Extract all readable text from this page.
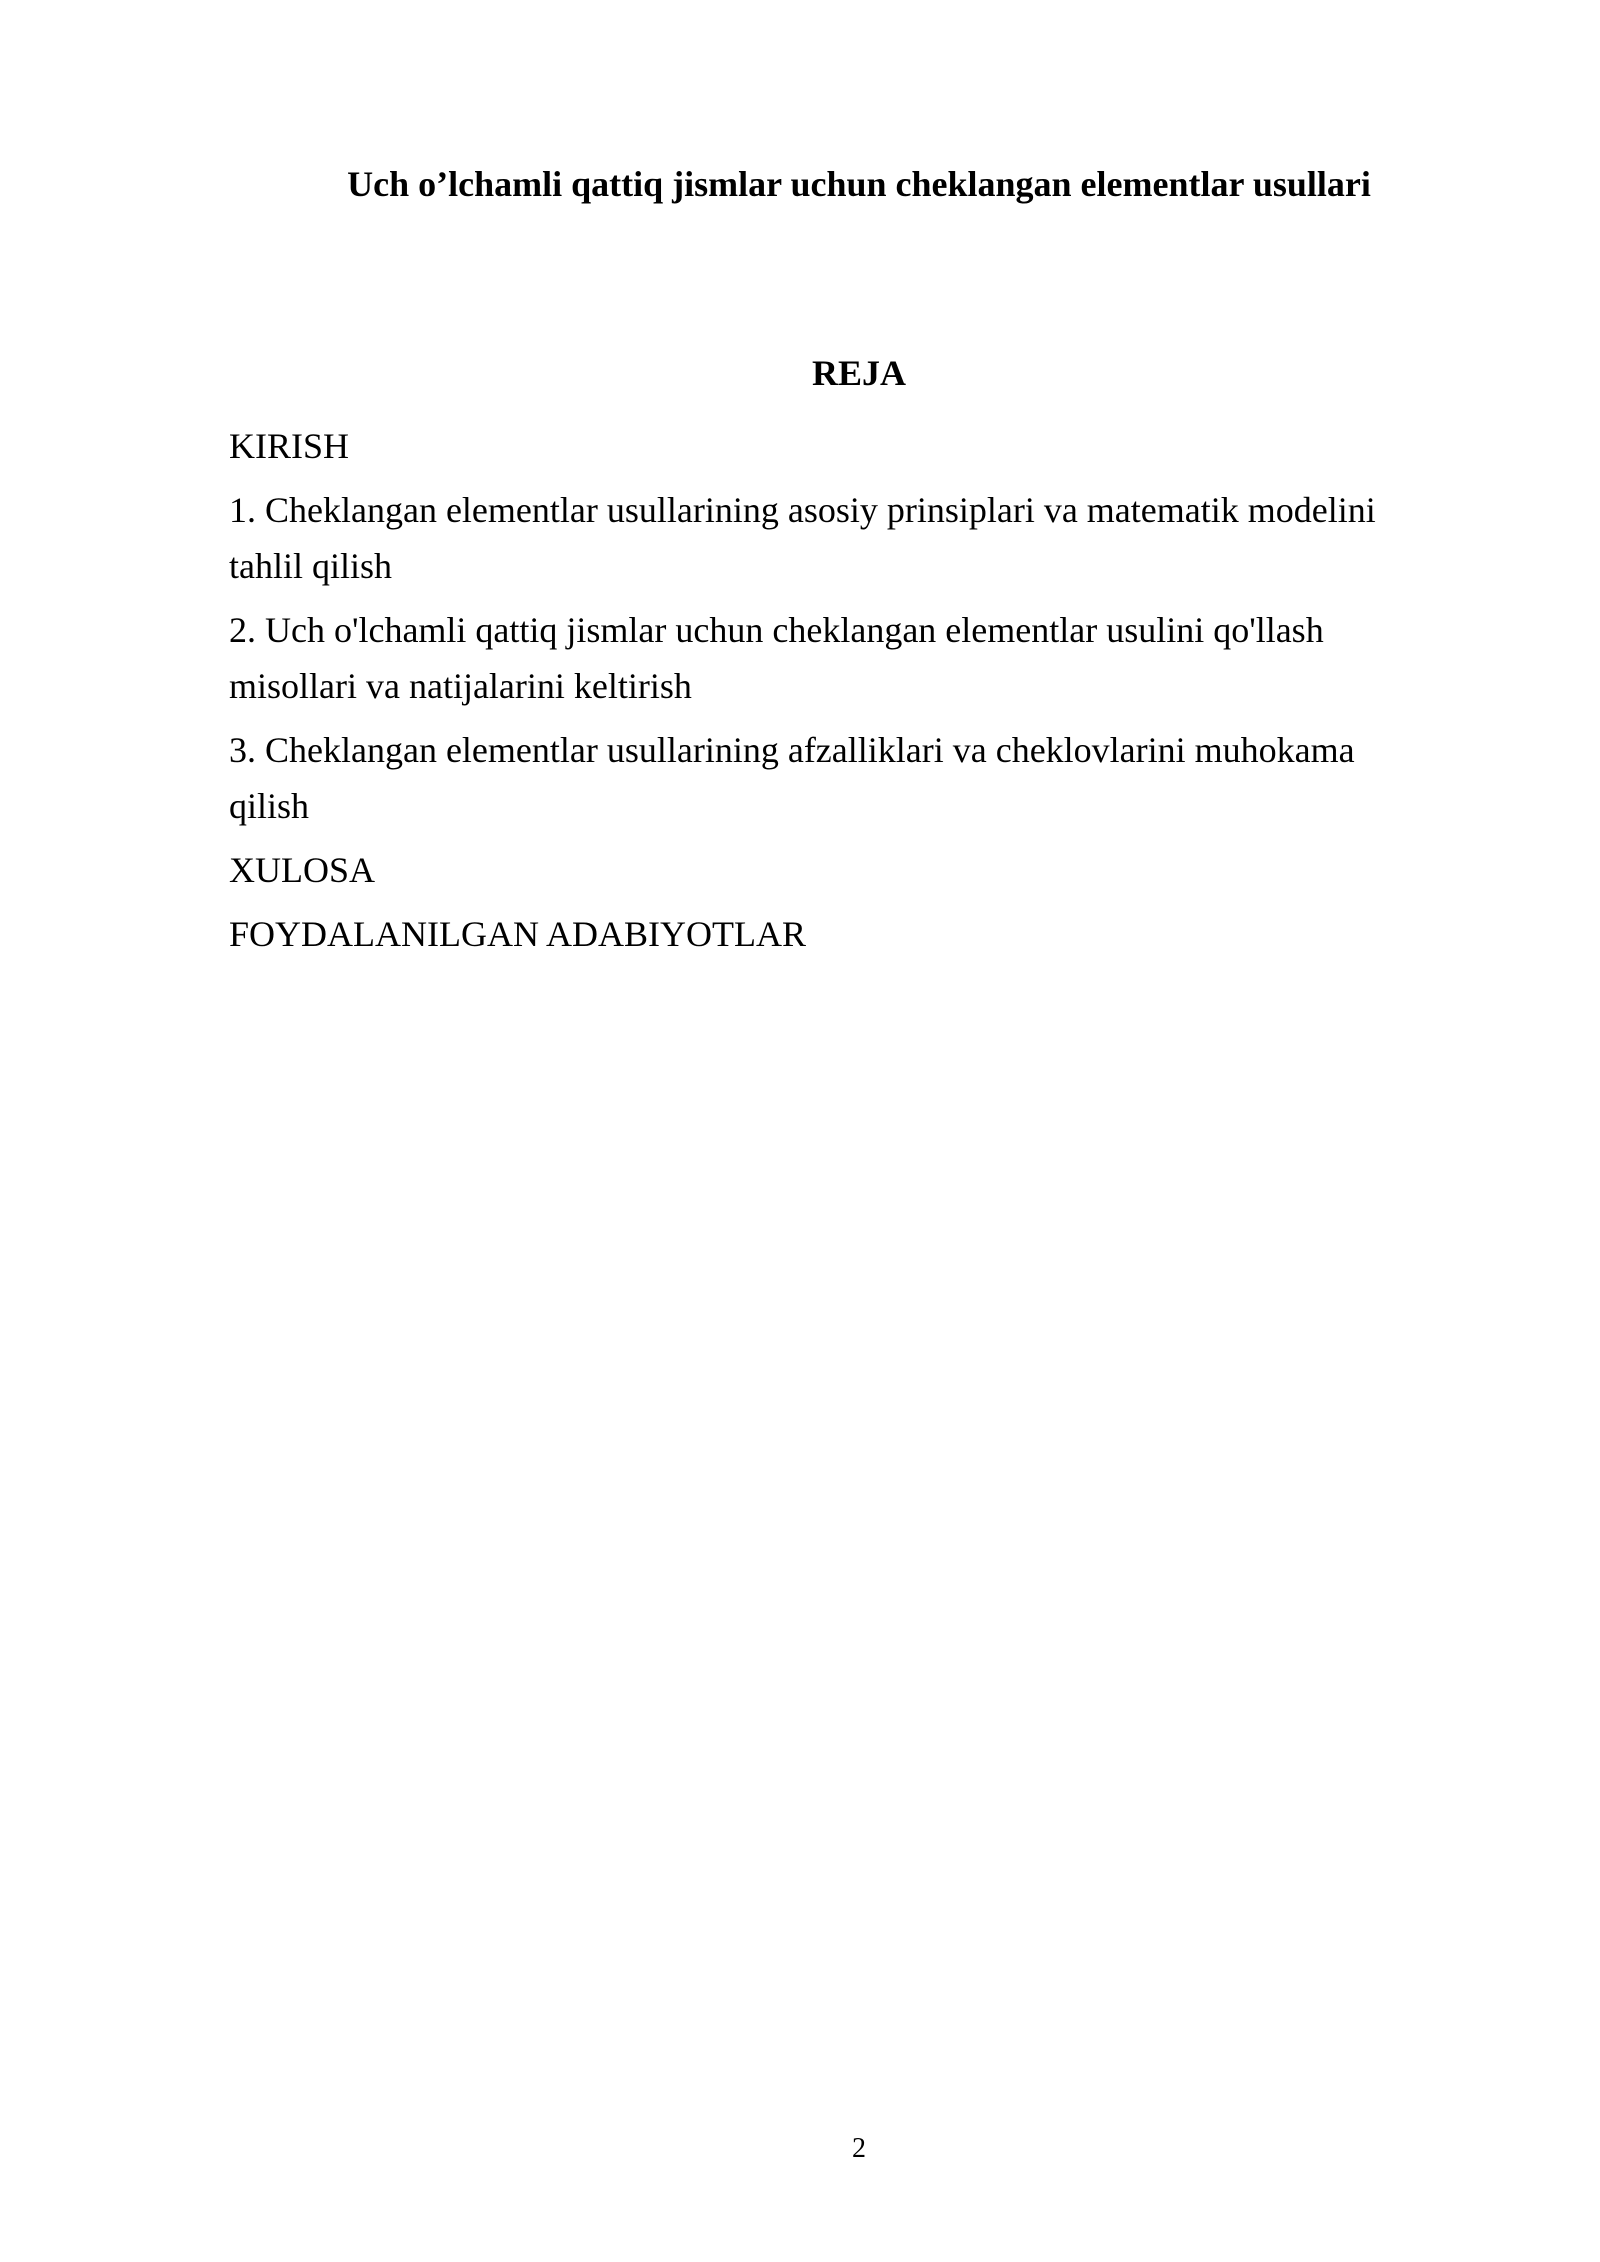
Uch o’lchamli qattiq jismlar uchun cheklangan elementlar usullari
REJA
KIRISH
1. Cheklangan elementlar usullarining asosiy prinsiplari va matematik modelini tahlil qilish
2. Uch o'lchamli qattiq jismlar uchun cheklangan elementlar usulini qo'llash misollari va natijalarini keltirish
3. Cheklangan elementlar usullarining afzalliklari va cheklovlarini muhokama qilish
XULOSA
FOYDALANILGAN ADABIYOTLAR
2
